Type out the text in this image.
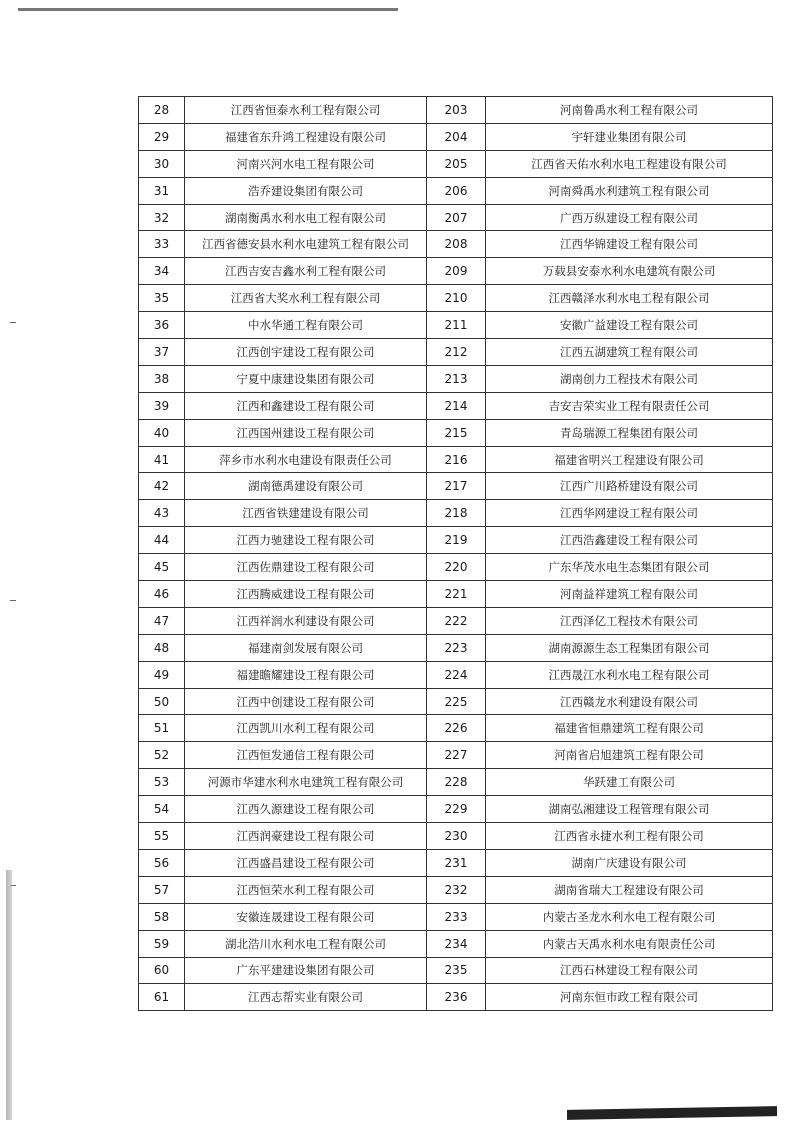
28	江西省恒泰水利工程有限公司	203	河南鲁禹水利工程有限公司
29	福建省东升鸿工程建设有限公司	204	宇轩建业集团有限公司
30	河南兴河水电工程有限公司	205	江西省天佑水利水电工程建设有限公司
31	浩乔建设集团有限公司	206	河南舜禹水利建筑工程有限公司
32	湖南衡禹水利水电工程有限公司	207	广西万纵建设工程有限公司
33	江西省德安县水利水电建筑工程有限公司	208	江西华锦建设工程有限公司
34	江西吉安吉鑫水利工程有限公司	209	万载县安泰水利水电建筑有限公司
35	江西省大奖水利工程有限公司	210	江西赣泽水利水电工程有限公司
36	中水华通工程有限公司	211	安徽广益建设工程有限公司
37	江西创宇建设工程有限公司	212	江西五湖建筑工程有限公司
38	宁夏中康建设集团有限公司	213	湖南创力工程技术有限公司
39	江西和鑫建设工程有限公司	214	吉安吉荣实业工程有限责任公司
40	江西国州建设工程有限公司	215	青岛瑞源工程集团有限公司
41	萍乡市水利水电建设有限责任公司	216	福建省明兴工程建设有限公司
42	湖南德禹建设有限公司	217	江西广川路桥建设有限公司
43	江西省铁建建设有限公司	218	江西华网建设工程有限公司
44	江西力驰建设工程有限公司	219	江西浩鑫建设工程有限公司
45	江西佐鼎建设工程有限公司	220	广东华茂水电生态集团有限公司
46	江西腾威建设工程有限公司	221	河南益祥建筑工程有限公司
47	江西祥润水利建设有限公司	222	江西泽亿工程技术有限公司
48	福建南剑发展有限公司	223	湖南源源生态工程集团有限公司
49	福建瞻耀建设工程有限公司	224	江西晟江水利水电工程有限公司
50	江西中创建设工程有限公司	225	江西赣龙水利建设有限公司
51	江西凯川水利工程有限公司	226	福建省恒鼎建筑工程有限公司
52	江西恒发通信工程有限公司	227	河南省启旭建筑工程有限公司
53	河源市华建水利水电建筑工程有限公司	228	华跃建工有限公司
54	江西久源建设工程有限公司	229	湖南弘湘建设工程管理有限公司
55	江西润豪建设工程有限公司	230	江西省永捷水利工程有限公司
56	江西盛昌建设工程有限公司	231	湖南广庆建设有限公司
57	江西恒荣水利工程有限公司	232	湖南省瑞大工程建设有限公司
58	安徽连晟建设工程有限公司	233	内蒙古圣龙水利水电工程有限公司
59	湖北浩川水利水电工程有限公司	234	内蒙古天禹水利水电有限责任公司
60	广东平建建设集团有限公司	235	江西石林建设工程有限公司
61	江西志帮实业有限公司	236	河南东恒市政工程有限公司
